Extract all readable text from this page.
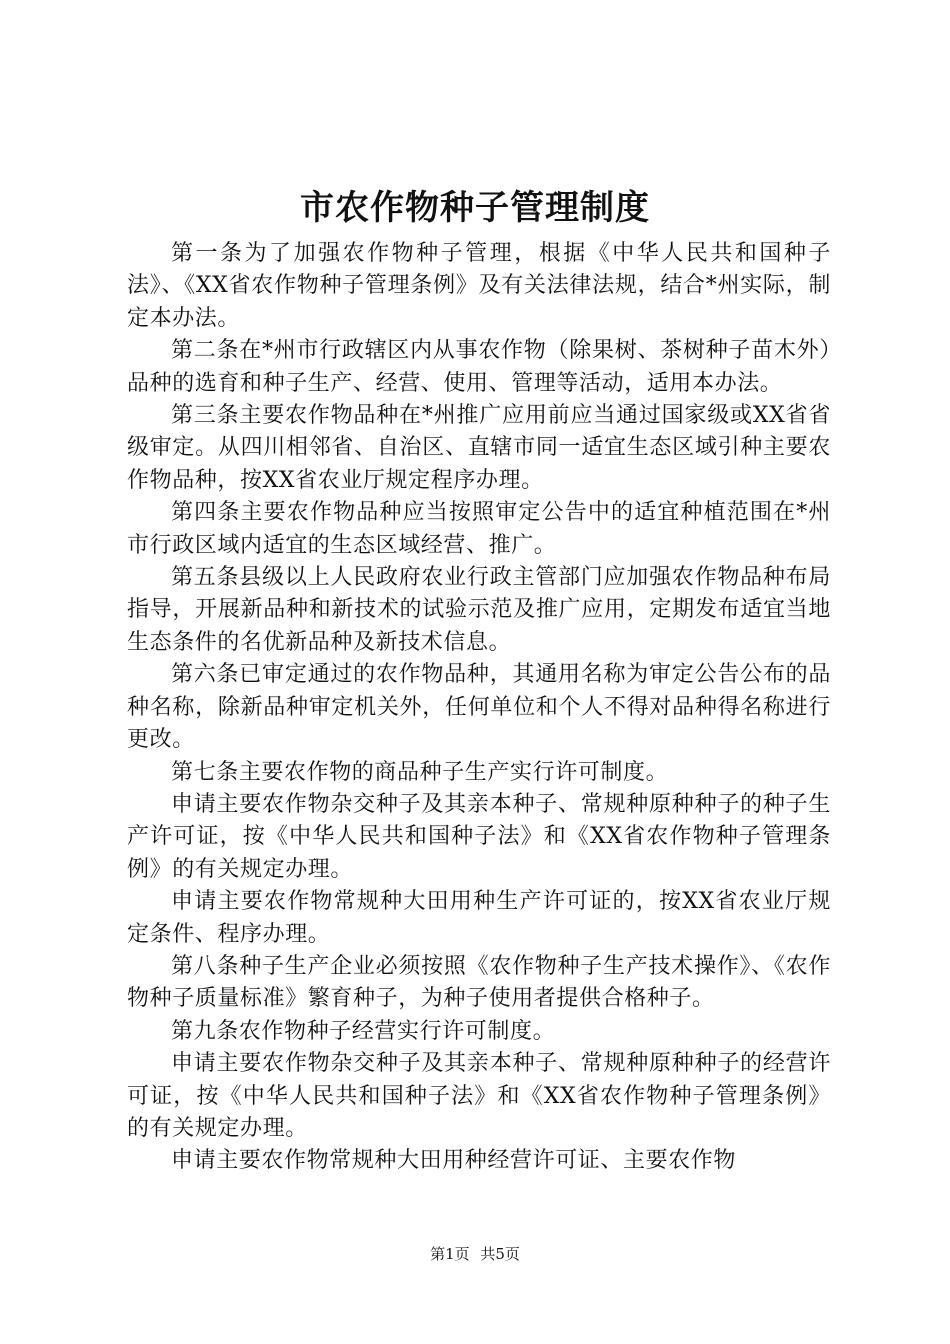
市农作物种子管理制度

第一条为了加强农作物种子管理，根据《中华人民共和国种子法》、《XX省农作物种子管理条例》及有关法律法规，结合*州实际，制定本办法。

第二条在*州市行政辖区内从事农作物（除果树、茶树种子苗木外）品种的选育和种子生产、经营、使用、管理等活动，适用本办法。

第三条主要农作物品种在*州推广应用前应当通过国家级或XX省省级审定。从四川相邻省、自治区、直辖市同一适宜生态区域引种主要农作物品种，按XX省农业厅规定程序办理。

第四条主要农作物品种应当按照审定公告中的适宜种植范围在*州市行政区域内适宜的生态区域经营、推广。

第五条县级以上人民政府农业行政主管部门应加强农作物品种布局指导，开展新品种和新技术的试验示范及推广应用，定期发布适宜当地生态条件的名优新品种及新技术信息。

第六条已审定通过的农作物品种，其通用名称为审定公告公布的品种名称，除新品种审定机关外，任何单位和个人不得对品种得名称进行更改。

第七条主要农作物的商品种子生产实行许可制度。

申请主要农作物杂交种子及其亲本种子、常规种原种种子的种子生产许可证，按《中华人民共和国种子法》和《XX省农作物种子管理条例》的有关规定办理。

申请主要农作物常规种大田用种生产许可证的，按XX省农业厅规定条件、程序办理。

第八条种子生产企业必须按照《农作物种子生产技术操作》、《农作物种子质量标准》繁育种子，为种子使用者提供合格种子。

第九条农作物种子经营实行许可制度。

申请主要农作物杂交种子及其亲本种子、常规种原种种子的经营许可证，按《中华人民共和国种子法》和《XX省农作物种子管理条例》的有关规定办理。

申请主要农作物常规种大田用种经营许可证、主要农作物

第1页 共5页
